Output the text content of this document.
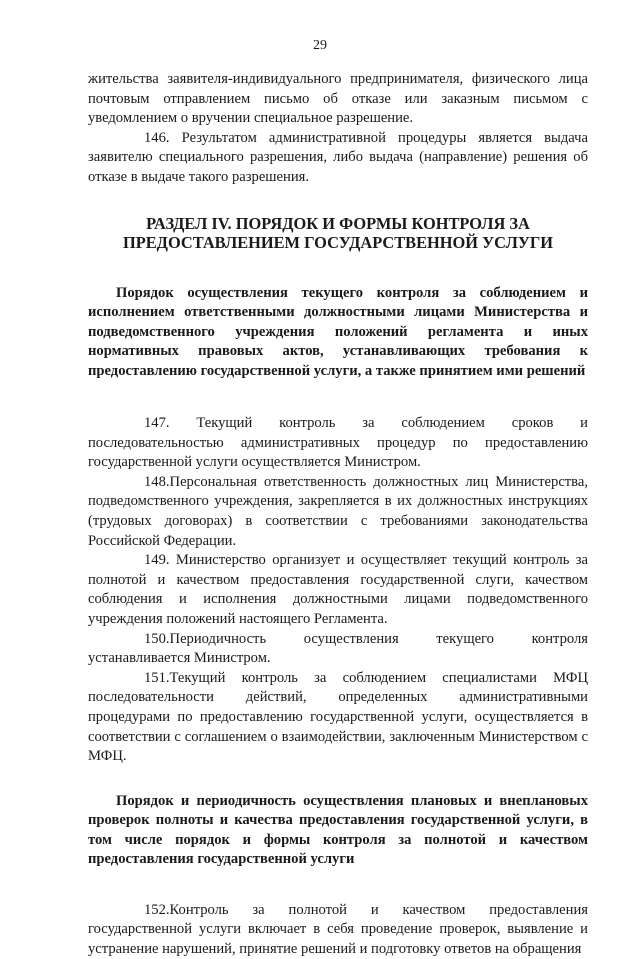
29

жительства заявителя-индивидуального предпринимателя, физического лица почтовым отправлением письмо об отказе или заказным письмом с уведомлением о вручении специальное разрешение.

146. Результатом административной процедуры является выдача заявителю специального разрешения, либо выдача (направление) решения об отказе в выдаче такого разрешения.

РАЗДЕЛ IV. ПОРЯДОК И ФОРМЫ КОНТРОЛЯ ЗА ПРЕДОСТАВЛЕНИЕМ ГОСУДАРСТВЕННОЙ УСЛУГИ
Порядок осуществления текущего контроля за соблюдением и исполнением ответственными должностными лицами Министерства и подведомственного учреждения положений регламента и иных нормативных правовых актов, устанавливающих требования к предоставлению государственной услуги, а также принятием ими решений

147. Текущий контроль за соблюдением сроков и последовательностью административных процедур по предоставлению государственной услуги осуществляется Министром.

148.Персональная ответственность должностных лиц Министерства, подведомственного учреждения, закрепляется в их должностных инструкциях (трудовых договорах) в соответствии с требованиями законодательства Российской Федерации.

149. Министерство организует и осуществляет текущий контроль за полнотой и качеством предоставления государственной слуги, качеством соблюдения и исполнения должностными лицами подведомственного учреждения положений настоящего Регламента.

150.Периодичность осуществления текущего контроля устанавливается Министром.

151.Текущий контроль за соблюдением специалистами МФЦ последовательности действий, определенных административными процедурами по предоставлению государственной услуги, осуществляется в соответствии с соглашением о взаимодействии, заключенным Министерством с МФЦ.

Порядок и периодичность осуществления плановых и внеплановых проверок полноты и качества предоставления государственной услуги, в том числе порядок и формы контроля за полнотой и качеством предоставления государственной услуги

152.Контроль за полнотой и качеством предоставления государственной услуги включает в себя проведение проверок, выявление и устранение нарушений, принятие решений и подготовку ответов на обращения
